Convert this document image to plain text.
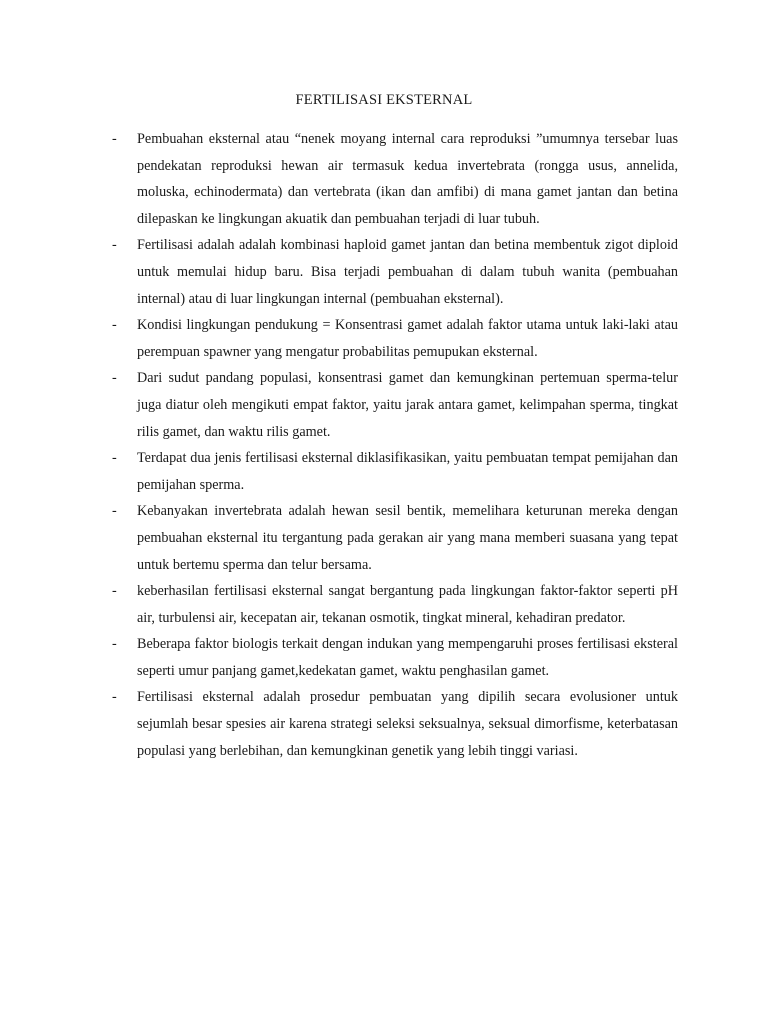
FERTILISASI EKSTERNAL
- Pembuahan eksternal atau “nenek moyang internal cara reproduksi ”umumnya tersebar luas pendekatan reproduksi hewan air termasuk kedua invertebrata (rongga usus, annelida, moluska, echinodermata) dan vertebrata (ikan dan amfibi) di mana gamet jantan dan betina dilepaskan ke lingkungan akuatik dan pembuahan terjadi di luar tubuh.
- Fertilisasi adalah adalah kombinasi haploid gamet jantan dan betina membentuk zigot diploid untuk memulai hidup baru. Bisa terjadi pembuahan di dalam tubuh wanita (pembuahan internal) atau di luar lingkungan internal (pembuahan eksternal).
- Kondisi lingkungan pendukung = Konsentrasi gamet adalah faktor utama untuk laki-laki atau perempuan spawner yang mengatur probabilitas pemupukan eksternal.
- Dari sudut pandang populasi, konsentrasi gamet dan kemungkinan pertemuan sperma-telur juga diatur oleh mengikuti empat faktor, yaitu jarak antara gamet, kelimpahan sperma, tingkat rilis gamet, dan waktu rilis gamet.
- Terdapat dua jenis fertilisasi eksternal diklasifikasikan, yaitu pembuatan tempat pemijahan dan pemijahan sperma.
- Kebanyakan invertebrata adalah hewan sesil bentik, memelihara keturunan mereka dengan pembuahan eksternal itu tergantung pada gerakan air yang mana memberi suasana yang tepat untuk bertemu sperma dan telur bersama.
- keberhasilan fertilisasi eksternal sangat bergantung pada lingkungan faktor-faktor seperti pH air, turbulensi air, kecepatan air, tekanan osmotik, tingkat mineral, kehadiran predator.
- Beberapa faktor biologis terkait dengan indukan yang mempengaruhi proses fertilisasi eksteral seperti umur panjang gamet,kedekatan gamet, waktu penghasilan gamet.
- Fertilisasi eksternal adalah prosedur pembuatan yang dipilih secara evolusioner untuk sejumlah besar spesies air karena strategi seleksi seksualnya, seksual dimorfisme, keterbatasan populasi yang berlebihan, dan kemungkinan genetik yang lebih tinggi variasi.
